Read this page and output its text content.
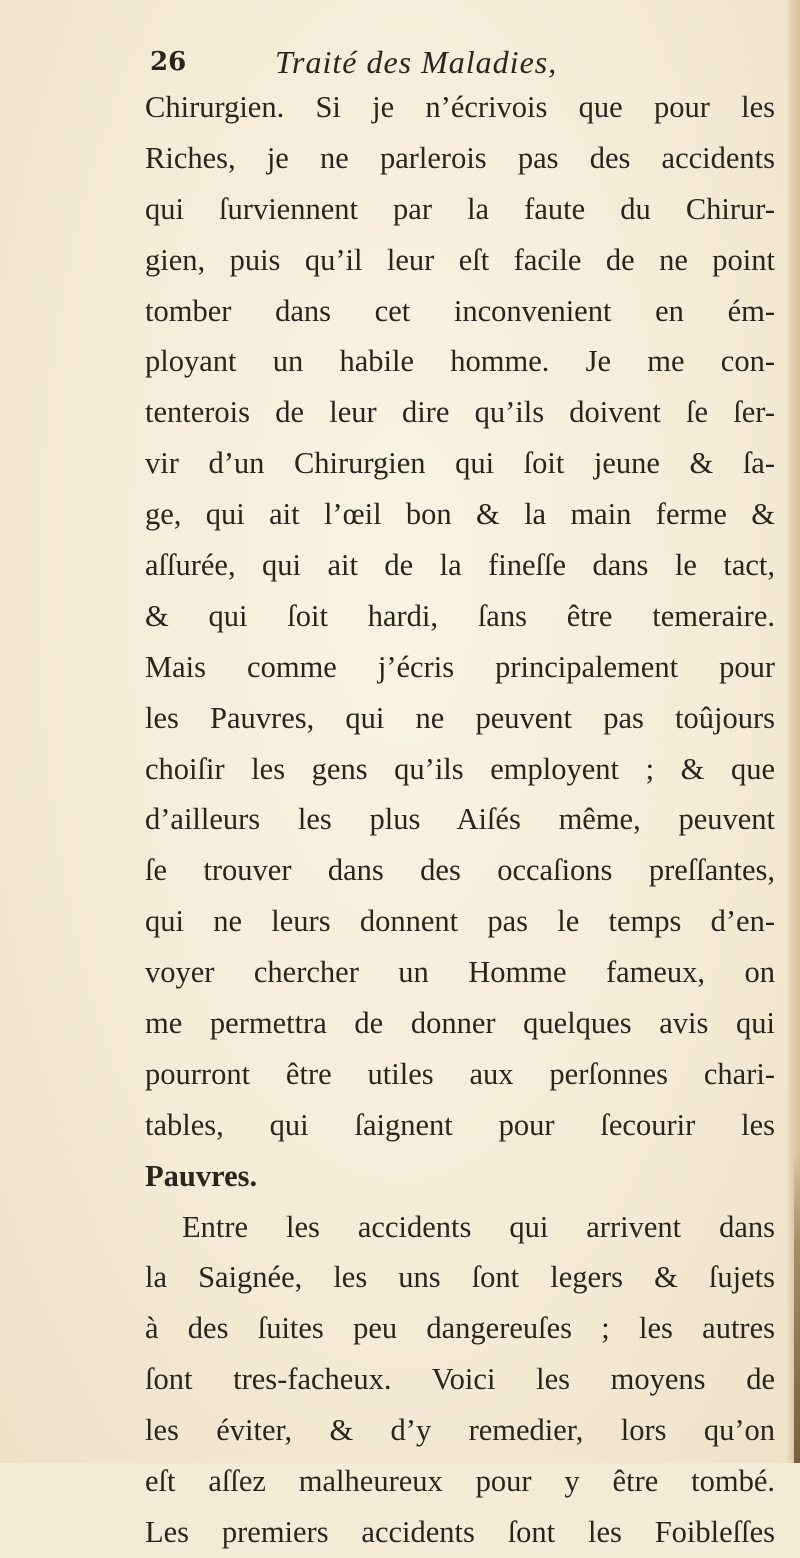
26	Traité des Maladies,
Chirurgien. Si je n’écrivois que pour les
Riches, je ne parlerois pas des accidents
qui ſurviennent par la faute du Chirur-
gien, puis qu’il leur eſt facile de ne point
tomber dans cet inconvenient en ém-
ployant un habile homme. Je me con-
tenterois de leur dire qu’ils doivent ſe ſer-
vir d’un Chirurgien qui ſoit jeune & ſa-
ge, qui ait l’œil bon & la main ferme &
aſſurée, qui ait de la fineſſe dans le tact,
& qui ſoit hardi, ſans être temeraire.
Mais comme j’écris principalement pour
les Pauvres, qui ne peuvent pas toûjours
choiſir les gens qu’ils employent ; & que
d’ailleurs les plus Aiſés même, peuvent
ſe trouver dans des occaſions preſſantes,
qui ne leurs donnent pas le temps d’en-
voyer chercher un Homme fameux, on
me permettra de donner quelques avis qui
pourront être utiles aux perſonnes chari-
tables, qui ſaignent pour ſecourir les
Pauvres.
Entre les accidents qui arrivent dans
la Saignée, les uns ſont legers & ſujets
à des ſuites peu dangereuſes ; les autres
ſont tres-facheux. Voici les moyens de
les éviter, & d’y remedier, lors qu’on
eſt aſſez malheureux pour y être tombé.
Les premiers accidents ſont les Foibleſſes
